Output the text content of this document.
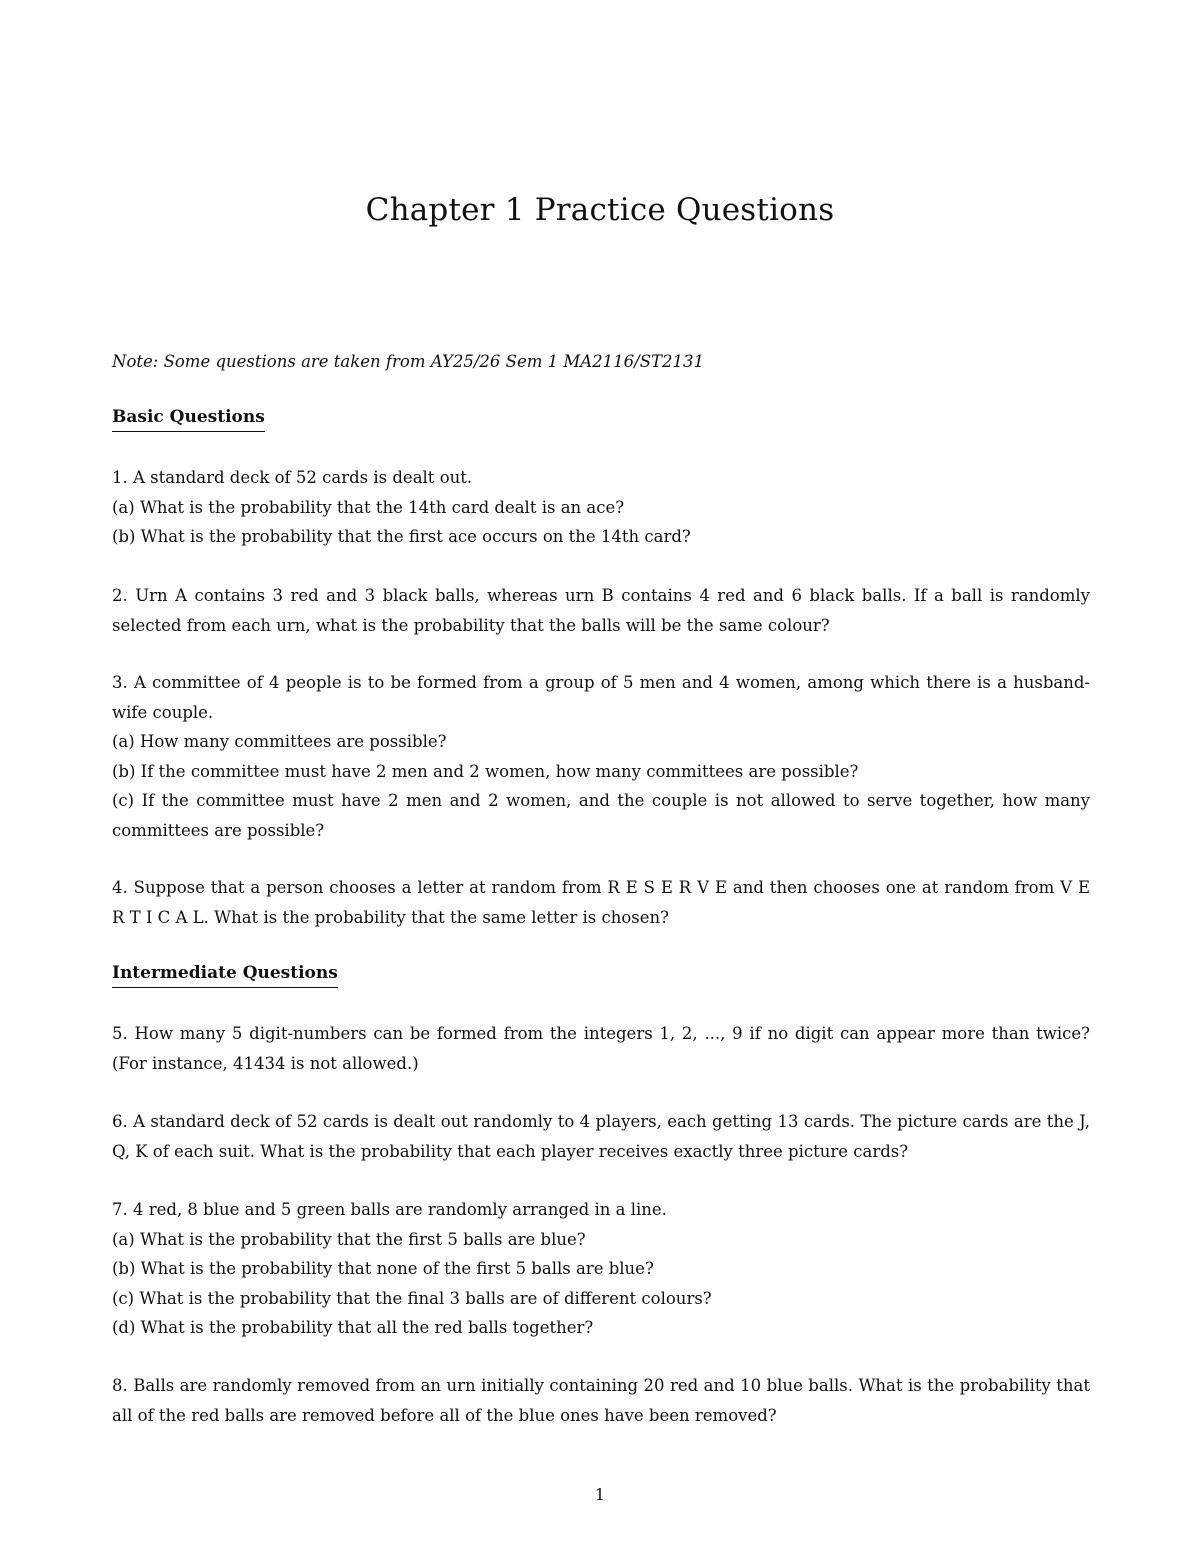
Chapter 1 Practice Questions

Note: Some questions are taken from AY25/26 Sem 1 MA2116/ST2131

Basic Questions

1. A standard deck of 52 cards is dealt out.

(a) What is the probability that the 14th card dealt is an ace?

(b) What is the probability that the first ace occurs on the 14th card?

2. Urn A contains 3 red and 3 black balls, whereas urn B contains 4 red and 6 black balls. If a ball is randomly selected from each urn, what is the probability that the balls will be the same colour?

3. A committee of 4 people is to be formed from a group of 5 men and 4 women, among which there is a husband-wife couple.

(a) How many committees are possible?

(b) If the committee must have 2 men and 2 women, how many committees are possible?

(c) If the committee must have 2 men and 2 women, and the couple is not allowed to serve together, how many committees are possible?

4. Suppose that a person chooses a letter at random from R E S E R V E and then chooses one at random from V E R T I C A L. What is the probability that the same letter is chosen?

Intermediate Questions

5. How many 5 digit-numbers can be formed from the integers 1, 2, ..., 9 if no digit can appear more than twice? (For instance, 41434 is not allowed.)

6. A standard deck of 52 cards is dealt out randomly to 4 players, each getting 13 cards. The picture cards are the J, Q, K of each suit. What is the probability that each player receives exactly three picture cards?

7. 4 red, 8 blue and 5 green balls are randomly arranged in a line.

(a) What is the probability that the first 5 balls are blue?

(b) What is the probability that none of the first 5 balls are blue?

(c) What is the probability that the final 3 balls are of different colours?

(d) What is the probability that all the red balls together?

8. Balls are randomly removed from an urn initially containing 20 red and 10 blue balls. What is the probability that all of the red balls are removed before all of the blue ones have been removed?

1
